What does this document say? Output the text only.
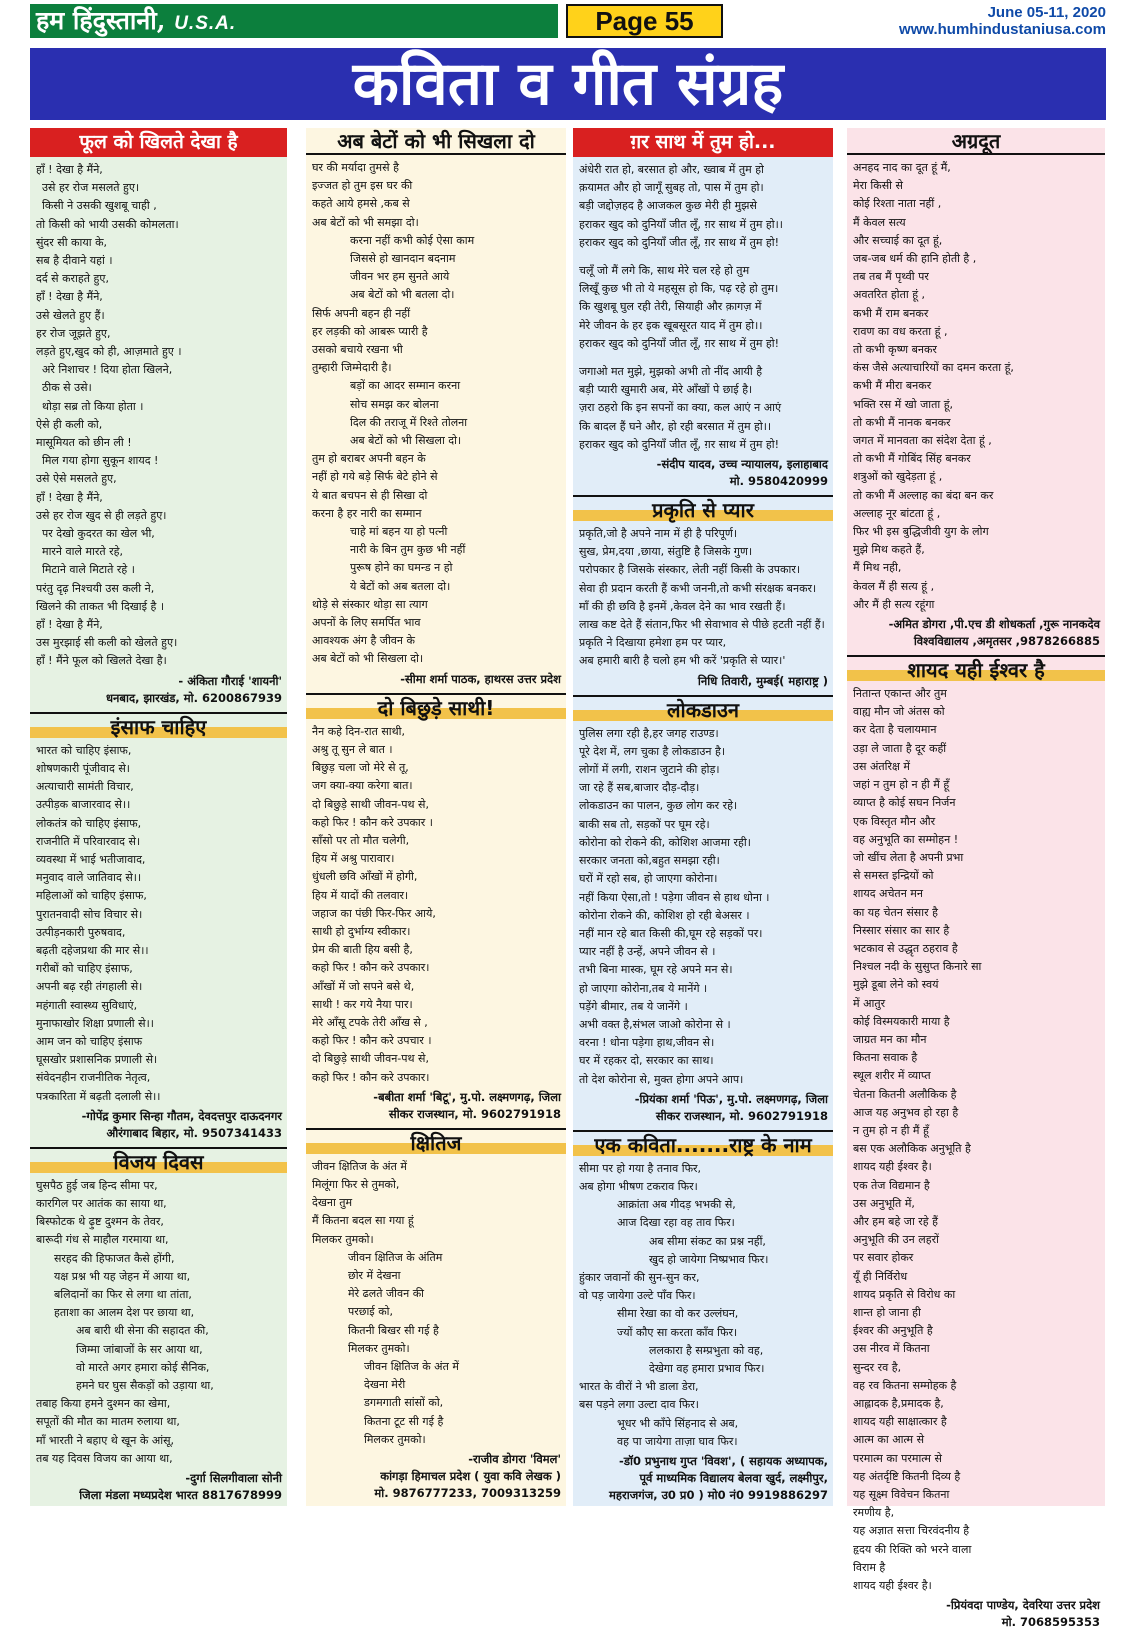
हम हिंदुस्तानी, U.S.A.	Page 55	June 05-11, 2020
www.humhindustaniusa.com
कविता व गीत संग्रह
फूल को खिलते देखा है
हाँ ! देखा है मैंने,
उसे हर रोज मसलते हुए।
किसी ने उसकी खुशबू चाही ,
तो किसी को भायी उसकी कोमलता।
सुंदर सी काया के,
सब है दीवाने यहां ।
दर्द से कराहते हुए,
हाँ ! देखा है मैंने,
उसे खेलते हुए हैं।
हर रोज जूझते हुए,
लड़ते हुए,खुद को ही, आज़माते हुए ।
अरे निशाचर ! दिया होता खिलने,
ठीक से उसे।
थोड़ा सब्र तो किया होता ।
ऐसे ही कली को,
मासूमियत को छीन ली !
मिल गया होगा सुकून शायद !
उसे ऐसे मसलते हुए,
हाँ ! देखा है मैंने,
उसे हर रोज खुद से ही लड़ते हुए।
पर देखो कुदरत का खेल भी,
मारने वाले मारते रहे,
मिटाने वाले मिटाते रहे ।
परंतु दृढ़ निश्चयी उस कली ने,
खिलने की ताकत भी दिखाई है ।
हाँ ! देखा है मैंने,
उस मुरझाई सी कली को खेलते हुए।
हाँ ! मैंने फूल को खिलते देखा है।
- अंकिता गौराई 'शायनी'
धनबाद, झारखंड, मो. 6200867939
इंसाफ चाहिए
भारत को चाहिए इंसाफ,
शोषणकारी पूंजीवाद से।
अत्याचारी सामंती विचार,
उत्पीड़क बाजारवाद से।।
लोकतंत्र को चाहिए इंसाफ,
राजनीति में परिवारवाद से।
व्यवस्था में भाई भतीजावाद,
मनुवाद वाले जातिवाद से।।
महिलाओं को चाहिए इंसाफ,
पुरातनवादी सोच विचार से।
उत्पीड़नकारी पुरुषवाद,
बढ़ती दहेजप्रथा की मार से।।
गरीबों को चाहिए इंसाफ,
अपनी बढ़ रही तंगहाली से।
महंगाती स्वास्थ्य सुविधाएं,
मुनाफाखोर शिक्षा प्रणाली से।।
आम जन को चाहिए इंसाफ
घूसखोर प्रशासनिक प्रणाली से।
संवेदनहीन राजनीतिक नेतृत्व,
पत्रकारिता में बढ़ती दलाली से।।
-गोपेंद्र कुमार सिन्हा गौतम, देवदत्तपुर दाऊदनगर
औरंगाबाद बिहार, मो. 9507341433
विजय दिवस
घुसपैठ हुई जब हिन्द सीमा पर,
कारगिल पर आतंक का साया था,
बिस्फोटक थे ढ़ुष्ट दुश्मन के तेवर,
बारूदी गंध से माहौल गरमाया था,
सरहद की हिफाजत कैसे होंगी,
यक्ष प्रश्न भी यह जेहन में आया था,
बलिदानों का फिर से लगा था तांता,
हताशा का आलम देश पर छाया था,
अब बारी थी सेना की सहादत की,
जिम्मा जांबाजों के सर आया था,
वो मारते अगर हमारा कोई सैनिक,
हमने घर घुस सैकड़ों को उड़ाया था,
तबाह किया हमने दुश्मन का खेमा,
सपूतों की मौत का मातम रुलाया था,
माँ भारती ने बहाए थे खून के आंसू,
तब यह दिवस विजय का आया था,
-दुर्गा सिलगीवाला सोनी
जिला मंडला मध्यप्रदेश भारत 8817678999
अब बेटों को भी सिखला दो
घर की मर्यादा तुमसे है
इज्जत हो तुम इस घर की
कहते आये हमसे ,कब से
अब बेटों को भी समझा दो।
करना नहीं कभी कोई ऐसा काम
जिससे हो खानदान बदनाम
जीवन भर हम सुनते आये
अब बेटों को भी बतला दो।
सिर्फ अपनी बहन ही नहीं
हर लड़की को आबरू प्यारी है
उसको बचाये रखना भी
तुम्हारी जिम्मेदारी है।
बड़ों का आदर सम्मान करना
सोच समझ कर बोलना
दिल की तराजू में रिश्ते तोलना
अब बेटों को भी सिखला दो।
तुम हो बराबर अपनी बहन के
नहीं हो गये बड़े सिर्फ बेटे होने से
ये बात बचपन से ही सिखा दो
करना है हर नारी का सम्मान
चाहे मां बहन या हो पत्नी
नारी के बिन तुम कुछ भी नहीं
पुरूष होने का घमन्ड न हो
ये बेटों को अब बतला दो।
थोड़े से संस्कार थोड़ा सा त्याग
अपनों के लिए समर्पित भाव
आवश्यक अंग है जीवन के
अब बेटों को भी सिखला दो।
-सीमा शर्मा पाठक, हाथरस उत्तर प्रदेश
दो बिछुड़े साथी!
नैन कहे दिन-रात साथी,
अश्रु तू सुन ले बात ।
बिछुड़ चला जो मेरे से तू,
जग क्या-क्या करेगा बात।
दो बिछुड़े साथी जीवन-पथ से,
कहो फिर ! कौन करे उपकार ।
साँसो पर तो मौत चलेगी,
हिय में अश्रु पारावार।
धुंधली छवि आँखों में होगी,
हिय में यादों की तलवार।
जहाज का पंछी फिर-फिर आये,
साथी हो दुर्भाग्य स्वीकार।
प्रेम की बाती हिय बसी है,
कहो फिर ! कौन करे उपकार।
आँखों में जो सपने बसे थे,
साथी ! कर गये नैया पार।
मेरे आँसू टपके तेरी आँख से ,
कहो फिर ! कौन करे उपचार ।
दो बिछुड़े साथी जीवन-पथ से,
कहो फिर ! कौन करे उपकार।
-बबीता शर्मा 'बिटू', मु.पो. लक्ष्मणगढ़, जिला
सीकर राजस्थान, मो. 9602791918
क्षितिज
जीवन क्षितिज के अंत में
मिलूंगा फिर से तुमको,
देखना तुम
मैं कितना बदल सा गया हूं
मिलकर तुमको।
जीवन क्षितिज के अंतिम
छोर में देखना
मेरे ढलते जीवन की
परछाई को,
कितनी बिखर सी गई है
मिलकर तुमको।
जीवन क्षितिज के अंत में
देखना मेरी
डगमगाती सांसों को,
कितना टूट सी गई है
मिलकर तुमको।
-राजीव डोगरा 'विमल'
कांगड़ा हिमाचल प्रदेश ( युवा कवि लेखक )
मो. 9876777233, 7009313259
ग़र साथ में तुम हो...
अंधेरी रात हो, बरसात हो और, ख्वाब में तुम हो
क़यामत और हो जागूँ सुबह तो, पास में तुम हो।
बड़ी जद्दोज़हद है आजकल कुछ मेरी ही मुझसे
हराकर खुद को दुनियाँ जीत लूँ, ग़र साथ में तुम हो।।
हराकर खुद को दुनियाँ जीत लूँ, ग़र साथ में तुम हो!
चलूँ जो मैं लगे कि, साथ मेरे चल रहे हो तुम
लिखूँ कुछ भी तो ये महसूस हो कि, पढ़ रहे हो तुम।
कि खुशबू घुल रही तेरी, सियाही और क़ागज़ में
मेरे जीवन के हर इक खूबसूरत याद में तुम हो।।
हराकर खुद को दुनियाँ जीत लूँ, ग़र साथ में तुम हो!
जगाओ मत मुझे, मुझको अभी तो नींद आयी है
बड़ी प्यारी खुमारी अब, मेरे आँखों पे छाई है।
ज़रा ठहरो कि इन सपनों का क्या, कल आएं न आएं
कि बादल हैं घने और, हो रही बरसात में तुम हो।।
हराकर खुद को दुनियाँ जीत लूँ, ग़र साथ में तुम हो!
-संदीप यादव, उच्च न्यायालय, इलाहाबाद
मो. 9580420999
प्रकृति से प्यार
प्रकृति,जो है अपने नाम में ही है परिपूर्ण।
सुख, प्रेम,दया ,छाया, संतुष्टि है जिसके गुण।
परोपकार है जिसके संस्कार, लेती नहीं किसी के उपकार।
सेवा ही प्रदान करती हैं कभी जननी,तो कभी संरक्षक बनकर।
माँ की ही छवि है इनमें ,केवल देने का भाव रखती हैं।
लाख कष्ट देते हैं संतान,फिर भी सेवाभाव से पीछे हटती नहीं हैं।
प्रकृति ने दिखाया हमेशा हम पर प्यार,
अब हमारी बारी है चलो हम भी करें 'प्रकृति से प्यार।'
निधि तिवारी, मुम्बई( महाराष्ट्र )
लोकडाउन
पुलिस लगा रही है,हर जगह राउण्ड।
पूरे देश में, लग चुका है लोकडाउन है।
लोगों में लगी, राशन जुटाने की होड़।
जा रहे हैं सब,बाजार दौड़-दौड़।
लोकडाउन का पालन, कुछ लोग कर रहे।
बाकी सब तो, सड़कों पर घूम रहे।
कोरोना को रोकने की, कोशिश आजमा रही।
सरकार जनता को,बहुत समझा रही।
घरों में रहो सब, हो जाएगा कोरोना।
नहीं किया ऐसा,तो ! पड़ेगा जीवन से हाथ धोना ।
कोरोना रोकने की, कोशिश हो रही बेअसर ।
नहीं मान रहे बात किसी की,घूम रहे सड़कों पर।
प्यार नहीं है उन्हें, अपने जीवन से ।
तभी बिना मास्क, घूम रहे अपने मन से।
हो जाएगा कोरोना,तब ये मानेंगे ।
पड़ेंगे बीमार, तब ये जानेंगे ।
अभी वक्त है,संभल जाओ कोरोना से ।
वरना ! धोना पड़ेगा हाथ,जीवन से।
घर में रहकर दो, सरकार का साथ।
तो देश कोरोना से, मुक्त होगा अपने आप।
-प्रियंका शर्मा 'पिऊ', मु.पो. लक्ष्मणगढ़, जिला
सीकर राजस्थान, मो. 9602791918
एक कविता.......राष्ट्र के नाम
सीमा पर हो गया है तनाव फिर,
अब होगा भीषण टकराव फिर।
आक्रांता अब गीदड़ भभकी से,
आज दिखा रहा वह ताव फिर।
अब सीमा संकट का प्रश्न नहीं,
खुद हो जायेगा निष्प्रभाव फिर।
हुंकार जवानों की सुन-सुन कर,
वो पड़ जायेगा उल्टे पाँव फिर।
सीमा रेखा का वो कर उल्लंघन,
ज्यों कौए सा करता काँव फिर।
ललकारा है सम्प्रभुता को वह,
देखेगा वह हमारा प्रभाव फिर।
भारत के वीरों ने भी डाला डेरा,
बस पड़ने लगा उल्टा दाव फिर।
भूधर भी काँपे सिंहनाद से अब,
वह पा जायेगा ताज़ा घाव फिर।
-डॉ0 प्रभुनाथ गुप्त 'विवश', ( सहायक अध्यापक,
पूर्व माध्यमिक विद्यालय बेलवा खुर्द, लक्ष्मीपुर,
महराजगंज, उ0 प्र0 ) मो0 नं0 9919886297
अग्रदूत
अनहद नाद का दूत हूं मैं,
मेरा किसी से
कोई रिश्ता नाता नहीं ,
मैं केवल सत्य
और सच्चाई का दूत हूं,
जब-जब धर्म की हानि होती है ,
तब तब मैं पृथ्वी पर
अवतरित होता हूं ,
कभी मैं राम बनकर
रावण का वध करता हूं ,
तो कभी कृष्ण बनकर
कंस जैसे अत्याचारियों का दमन करता हूं,
कभी मैं मीरा बनकर
भक्ति रस में खो जाता हूं,
तो कभी मैं नानक बनकर
जगत में मानवता का संदेश देता हूं ,
तो कभी मैं गोबिंद सिंह बनकर
शत्रुओं को खुदेड़ता हूं ,
तो कभी मैं अल्लाह का बंदा बन कर
अल्लाह नूर बांटता हूं ,
फिर भी इस बुद्धिजीवी युग के लोग
मुझे मिथ कहते हैं,
मैं मिथ नही,
केवल मैं ही सत्य हूं ,
और मैं ही सत्य रहूंगा
-अमित डोगरा ,पी.एच डी शोधकर्ता ,गुरू नानकदेव
विश्वविद्यालय ,अमृतसर ,9878266885
शायद यही ईश्वर है
नितान्त एकान्त और तुम
वाह्य मौन जो अंतस को
कर देता है चलायमान
उड़ा ले जाता है दूर कहीं
उस अंतरिक्ष में
जहां न तुम हो न ही मैं हूँ
व्याप्त है कोई सघन निर्जन
एक विस्तृत मौन और
वह अनुभूति का सम्मोहन !
जो खींच लेता है अपनी प्रभा
से समस्त इन्द्रियों को
शायद अचेतन मन
का यह चेतन संसार है
निस्सार संसार का सार है
भटकाव से उद्धृत ठहराव है
निश्चल नदी के सुसुप्त किनारे सा
मुझे डूबा लेने को स्वयं
में आतुर
कोई विस्मयकारी माया है
जाग्रत मन का मौन
कितना सवाक है
स्थूल शरीर में व्याप्त
चेतना कितनी अलौकिक है
आज यह अनुभव हो रहा है
न तुम हो न ही मैं हूँ
बस एक अलौकिक अनुभूति है
शायद यही ईश्वर है।
एक तेज विद्यमान है
उस अनुभूति में,
और हम बहे जा रहे हैं
अनुभूति की उन लहरों
पर सवार होकर
यूँ ही निर्विरोध
शायद प्रकृति से विरोध का
शान्त हो जाना ही
ईश्वर की अनुभूति है
उस नीरव में कितना
सुन्दर रव है,
वह रव कितना सम्मोहक है
आह्लादक है,प्रमादक है,
शायद यही साक्षात्कार है
आत्म का आत्म से
परमात्म का परमात्म से
यह अंतर्दृष्टि कितनी दिव्य है
यह सूक्ष्म विवेचन कितना
रमणीय है,
यह अज्ञात सत्ता चिरवंदनीय है
हृदय की रिक्ति को भरने वाला
विराम है
शायद यही ईश्वर है।
-प्रियंवदा पाण्डेय, देवरिया उत्तर प्रदेश
मो. 7068595353
